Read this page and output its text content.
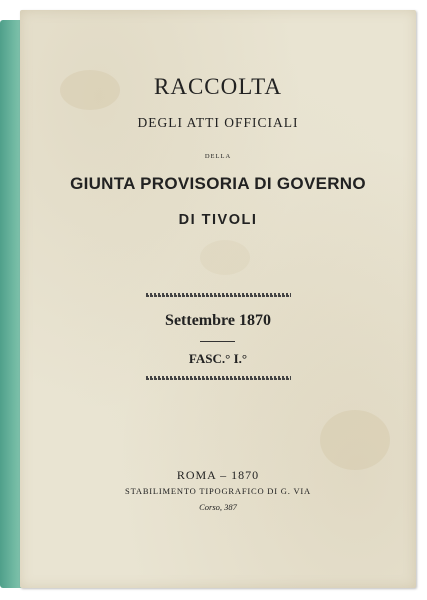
RACCOLTA
DEGLI ATTI OFFICIALI
DELLA
GIUNTA PROVISORIA DI GOVERNO
DI TIVOLI
Settembre 1870
FASC.° I.°
ROMA – 1870
STABILIMENTO TIPOGRAFICO DI G. VIA
Corso, 387
